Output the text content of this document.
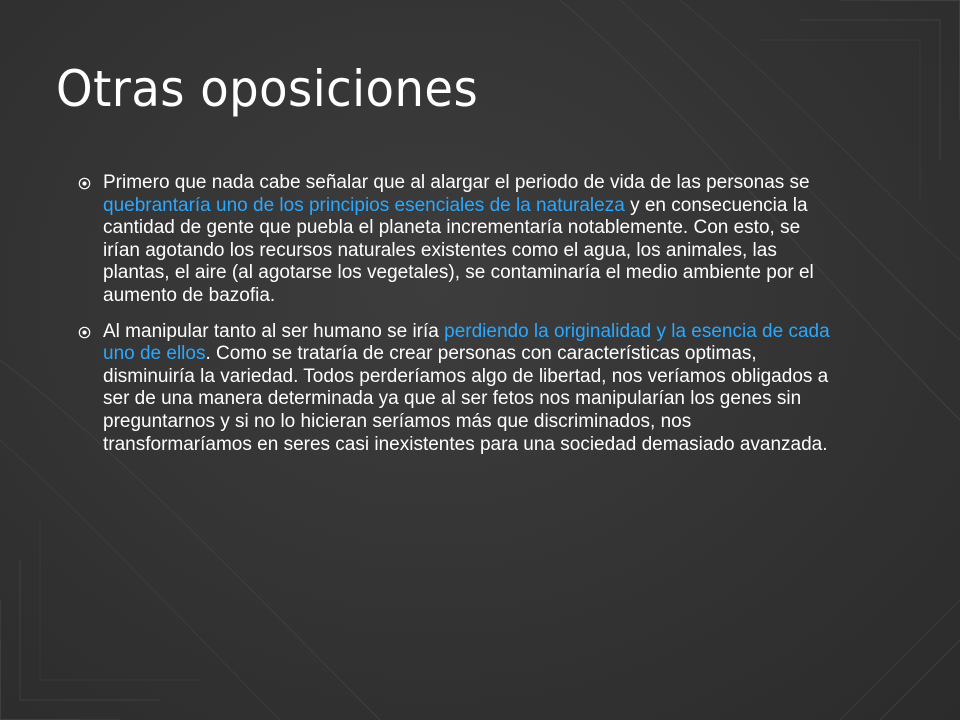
Otras oposiciones
Primero que nada cabe señalar que al alargar el periodo de vida de las personas se quebrantaría uno de los principios esenciales de la naturaleza y en consecuencia la cantidad de gente que puebla el planeta incrementaría notablemente. Con esto, se irían agotando los recursos naturales existentes como el agua, los animales, las plantas, el aire (al agotarse los vegetales), se contaminaría el medio ambiente por el aumento de bazofia.
Al manipular tanto al ser humano se iría perdiendo la originalidad y la esencia de cada uno de ellos. Como se trataría de crear personas con características optimas, disminuiría la variedad. Todos perderíamos algo de libertad, nos veríamos obligados a ser de una manera determinada ya que al ser fetos nos manipularían los genes sin preguntarnos y si no lo hicieran seríamos más que discriminados, nos transformaríamos en seres casi inexistentes para una sociedad demasiado avanzada.
